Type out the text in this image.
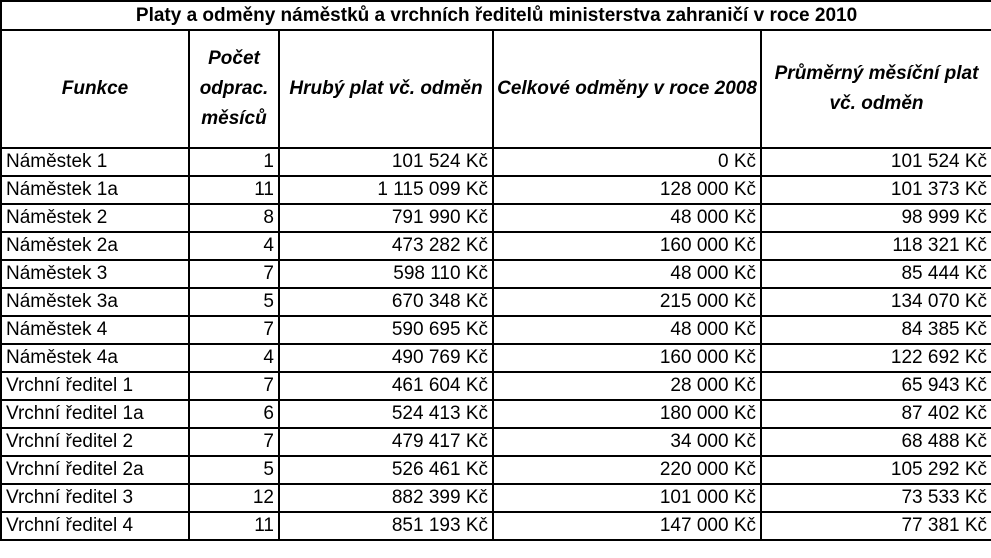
Platy a odměny náměstků a vrchních ředitelů ministerstva zahraničí v roce 2010				
Funkce	Počet odprac. měsíců	Hrubý plat vč. odměn	Celkové odměny v roce 2008	Průměrný měsíční plat vč. odměn
Náměstek 1	1	101 524 Kč	0 Kč	101 524 Kč
Náměstek 1a	11	1 115 099 Kč	128 000 Kč	101 373 Kč
Náměstek 2	8	791 990 Kč	48 000 Kč	98 999 Kč
Náměstek 2a	4	473 282 Kč	160 000 Kč	118 321 Kč
Náměstek 3	7	598 110 Kč	48 000 Kč	85 444 Kč
Náměstek 3a	5	670 348 Kč	215 000 Kč	134 070 Kč
Náměstek 4	7	590 695 Kč	48 000 Kč	84 385 Kč
Náměstek 4a	4	490 769 Kč	160 000 Kč	122 692 Kč
Vrchní ředitel 1	7	461 604 Kč	28 000 Kč	65 943 Kč
Vrchní ředitel 1a	6	524 413 Kč	180 000 Kč	87 402 Kč
Vrchní ředitel 2	7	479 417 Kč	34 000 Kč	68 488 Kč
Vrchní ředitel 2a	5	526 461 Kč	220 000 Kč	105 292 Kč
Vrchní ředitel 3	12	882 399 Kč	101 000 Kč	73 533 Kč
Vrchní ředitel 4	11	851 193 Kč	147 000 Kč	77 381 Kč
